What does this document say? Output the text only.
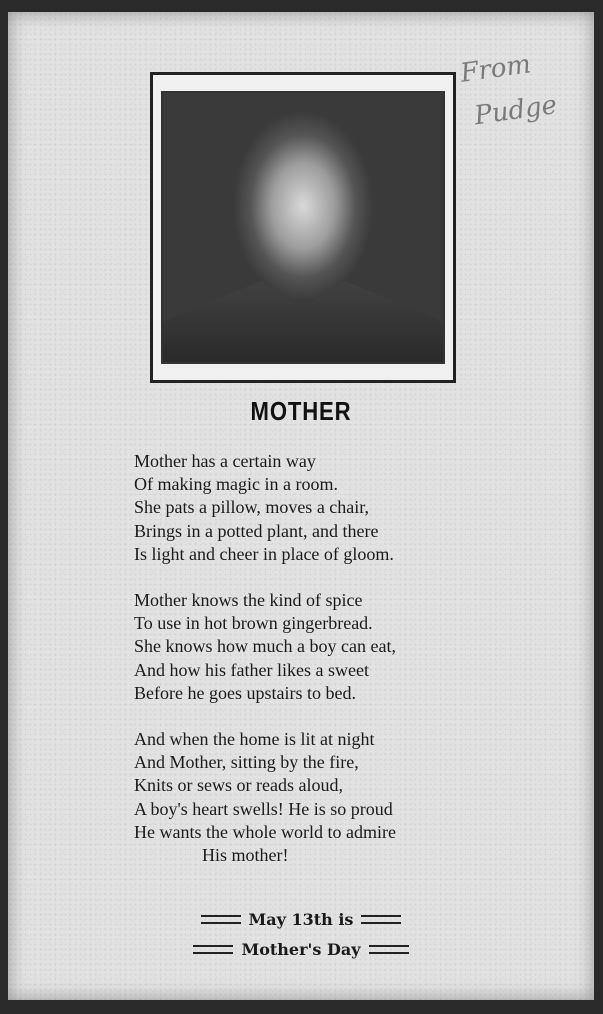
From
Pudge
MOTHER
Mother has a certain way
Of making magic in a room.
She pats a pillow, moves a chair,
Brings in a potted plant, and there
Is light and cheer in place of gloom.
Mother knows the kind of spice
To use in hot brown gingerbread.
She knows how much a boy can eat,
And how his father likes a sweet
Before he goes upstairs to bed.
And when the home is lit at night
And Mother, sitting by the fire,
Knits or sews or reads aloud,
A boy's heart swells! He is so proud
He wants the whole world to admire
His mother!
May 13th is
Mother's Day
